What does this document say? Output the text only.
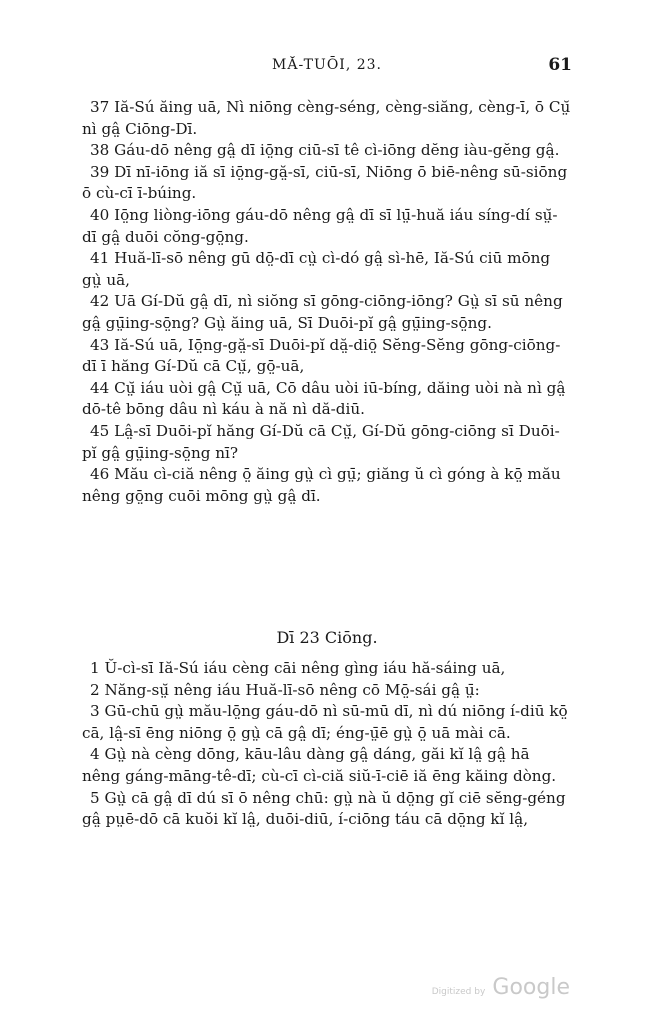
MĂ-TUŌI, 23.	61

37 Iă-Sú ăing uā, Nì niōng cèng-séng, cèng-siăng, cèng-ī, ō Cṳ̆ nì gâ̤ Ciōng-Dī.

38 Gáu-dō nêng gâ̤ dī iō̤ng ciū-sī tê cì-iōng dĕng iàu-gĕng gâ̤.

39 Dī nī-iōng iă sī iō̤ng-gă̤-sī, ciū-sī, Niōng ō biē-nêng sū-siōng ō cù-cī ī-búing.

40 Iō̤ng liòng-iōng gáu-dō nêng gâ̤ dī sī lṳ̄-huă iáu síng-dí sṳ̆-dī gâ̤ duōi cŏng-gō̤ng.

41 Huă-lī-sō nêng gū dō̤-dī cṳ̀ cì-dó gâ̤ sì-hē, Iă-Sú ciū mōng gṳ̀ uā,

42 Uā Gí-Dŭ gâ̤ dī, nì siŏng sī gōng-ciōng-iōng? Gṳ̀ sī sū nêng gâ̤ gṳ̄ing-sō̤ng? Gṳ̀ ăing uā, Sī Duōi-pĭ gâ̤ gṳ̄ing-sō̤ng.

43 Iă-Sú uā, Iō̤ng-gă̤-sī Duōi-pĭ dă̤-diō̤ Sĕng-Sĕng gōng-ciōng-dī ī hăng Gí-Dŭ cā Cṳ̆, gō̤-uā,

44 Cṳ̆ iáu uòi gâ̤ Cṳ̆ uā, Cō dâu uòi iū-bíng, dăing uòi nà nì gâ̤ dō-tê bōng dâu nì káu à nă nì dă-diū.

45 Lâ̤-sī Duōi-pĭ hăng Gí-Dŭ cā Cṳ̆, Gí-Dŭ gōng-ciōng sī Duōi-pĭ gâ̤ gṳ̄ing-sō̤ng nī?

46 Mău cì-ciă nêng ō̤ ăing gṳ̀ cì gṳ̄; giăng ŭ cì góng à kō̤ mău nêng gō̤ng cuōi mōng gṳ̀ gâ̤ dī.

Dī 23 Ciōng.

1 Ŭ-cì-sī Iă-Sú iáu cèng cāi nêng gìng iáu hă-sáing uā,

2 Năng-sṳ̆ nêng iáu Huă-lī-sō nêng cō Mō̤-sái gâ̤ ṳ̄:

3 Gū-chū gṳ̀ mău-lō̤ng gáu-dō nì sū-mū dī, nì dú niōng í-diū kō̤ cā, lâ̤-sī ēng niōng ō̤ gṳ̀ cā gâ̤ dī; éng-ṳ̄ē gṳ̀ ō̤ uā mài cā.

4 Gṳ̀ nà cèng dōng, kāu-lâu dàng gâ̤ dáng, găi kĭ lâ̤ gâ̤ hā nêng gáng-māng-tê-dī; cù-cī cì-ciă siŭ-ī-ciē iă ēng kăing dòng.

5 Gṳ̀ cā gâ̤ dī dú sī ō nêng chū: gṳ̀ nà ŭ dō̤ng gĭ ciē sĕng-géng gâ̤ pṳē-dō cā kuŏi kĭ lâ̤, duōi-diū, í-ciōng táu cā dō̤ng kĭ lâ̤,

Digitized by Google
